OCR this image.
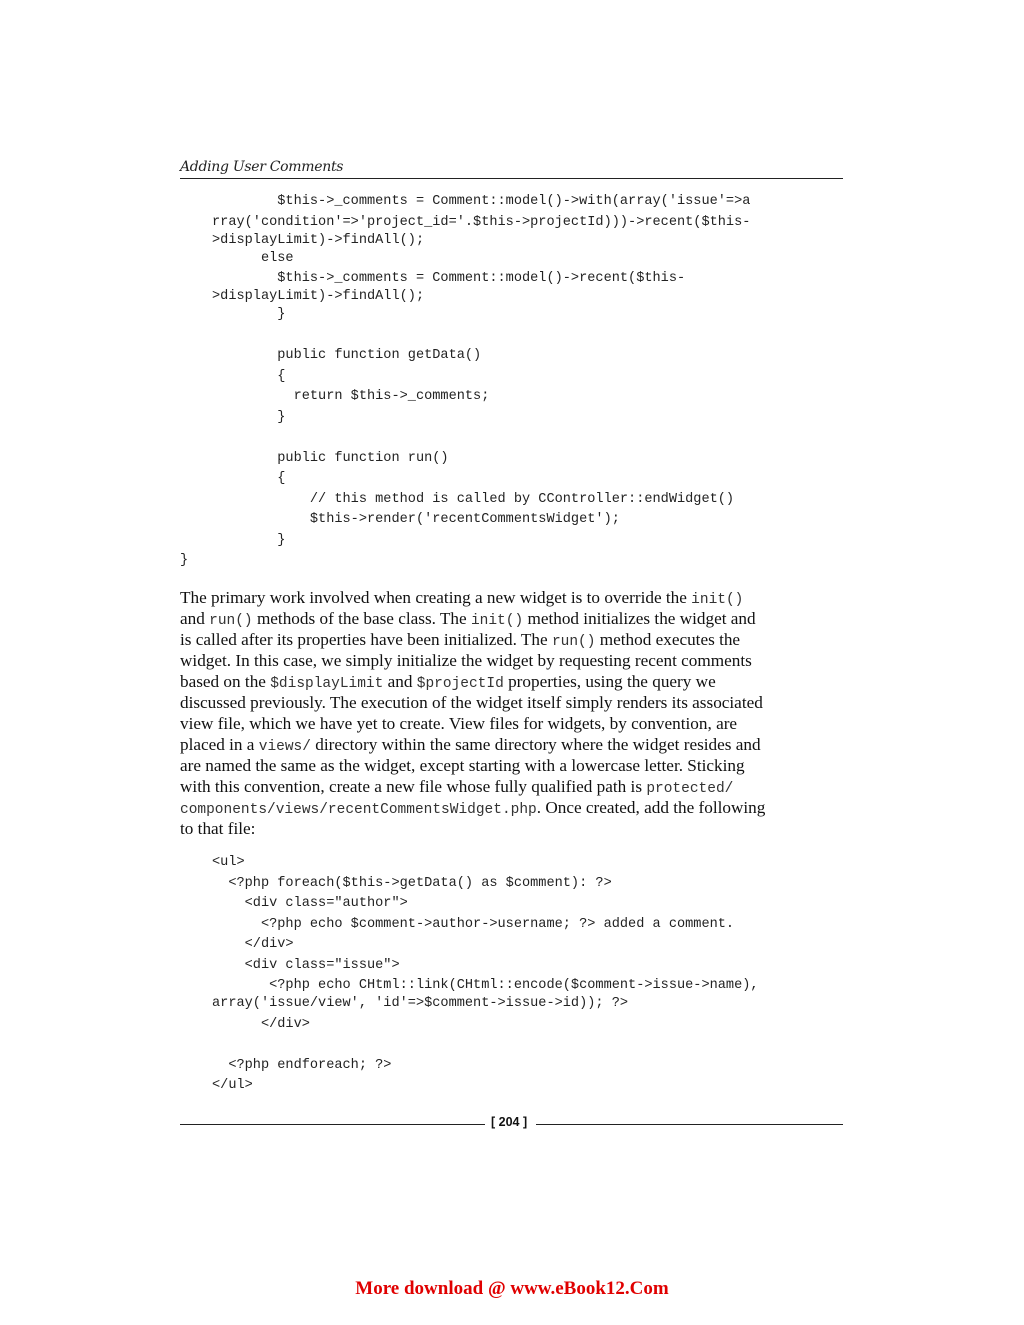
Adding User Comments
$this->_comments = Comment::model()->with(array('issue'=>a
rray('condition'=>'project_id='.$this->projectId)))->recent($this-
>displayLimit)->findAll();
else
$this->_comments = Comment::model()->recent($this-
>displayLimit)->findAll();
}
public function getData()
{
return $this->_comments;
}
public function run()
{
// this method is called by CController::endWidget()
$this->render('recentCommentsWidget');
}
}
The primary work involved when creating a new widget is to override the init()
and run() methods of the base class. The init() method initializes the widget and
is called after its properties have been initialized. The run() method executes the
widget. In this case, we simply initialize the widget by requesting recent comments
based on the $displayLimit and $projectId properties, using the query we
discussed previously. The execution of the widget itself simply renders its associated
view file, which we have yet to create. View files for widgets, by convention, are
placed in a views/ directory within the same directory where the widget resides and
are named the same as the widget, except starting with a lowercase letter. Sticking
with this convention, create a new file whose fully qualified path is protected/
components/views/recentCommentsWidget.php. Once created, add the following
to that file:
<ul>
<?php foreach($this->getData() as $comment): ?>
<div class="author">
<?php echo $comment->author->username; ?> added a comment.
</div>
<div class="issue">
<?php echo CHtml::link(CHtml::encode($comment->issue->name),
array('issue/view', 'id'=>$comment->issue->id)); ?>
</div>
<?php endforeach; ?>
</ul>
[ 204 ]
More download @ www.eBook12.Com
